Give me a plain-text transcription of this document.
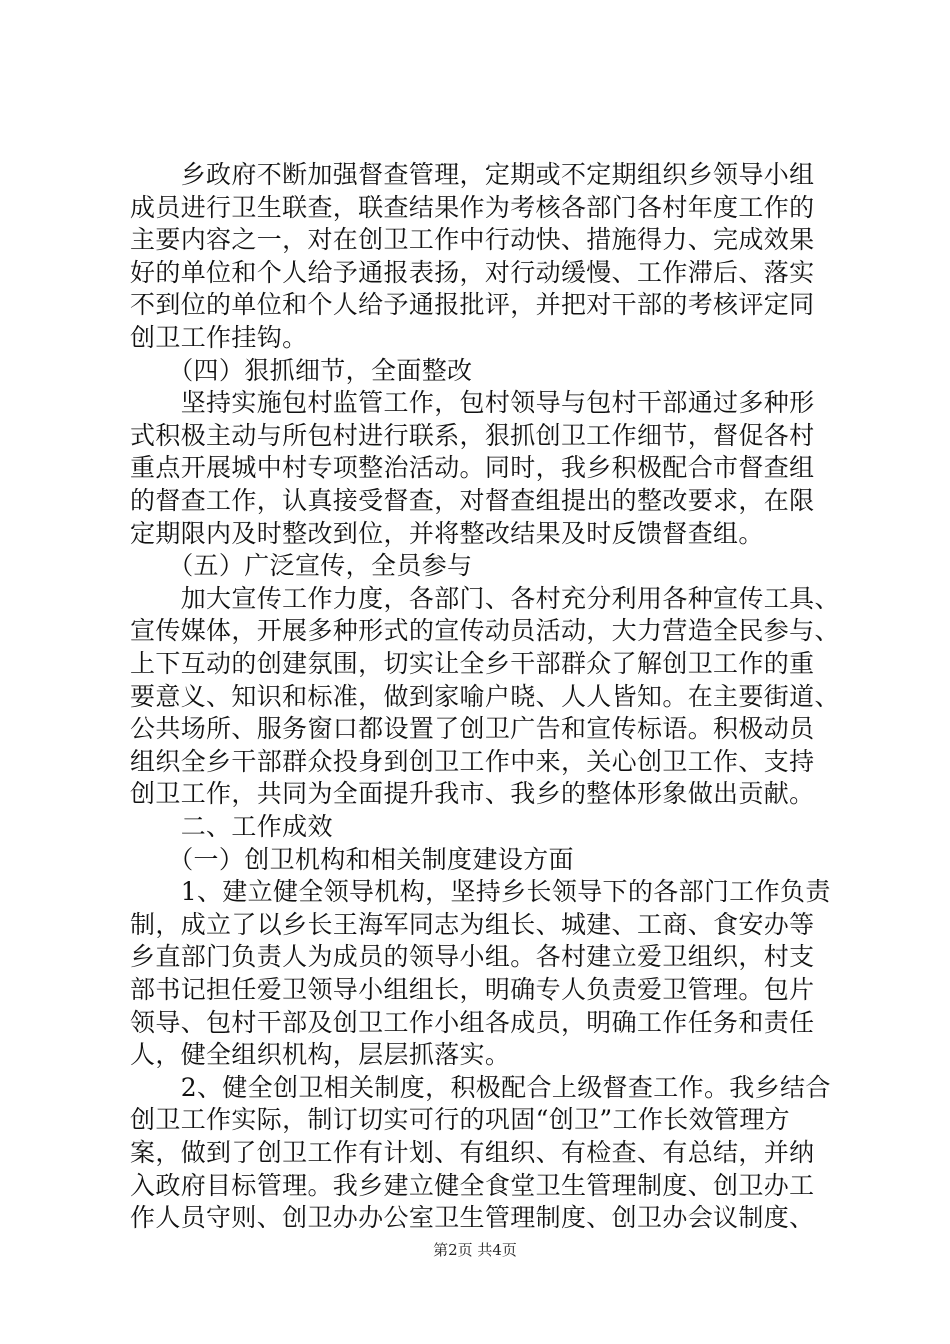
　　乡政府不断加强督查管理，定期或不定期组织乡领导小组
成员进行卫生联查，联查结果作为考核各部门各村年度工作的
主要内容之一，对在创卫工作中行动快、措施得力、完成效果
好的单位和个人给予通报表扬，对行动缓慢、工作滞后、落实
不到位的单位和个人给予通报批评，并把对干部的考核评定同
创卫工作挂钩。
　　（四）狠抓细节，全面整改
　　坚持实施包村监管工作，包村领导与包村干部通过多种形
式积极主动与所包村进行联系，狠抓创卫工作细节，督促各村
重点开展城中村专项整治活动。同时，我乡积极配合市督查组
的督查工作，认真接受督查，对督查组提出的整改要求，在限
定期限内及时整改到位，并将整改结果及时反馈督查组。
　　（五）广泛宣传，全员参与
　　加大宣传工作力度，各部门、各村充分利用各种宣传工具、
宣传媒体，开展多种形式的宣传动员活动，大力营造全民参与、
上下互动的创建氛围，切实让全乡干部群众了解创卫工作的重
要意义、知识和标准，做到家喻户晓、人人皆知。在主要街道、
公共场所、服务窗口都设置了创卫广告和宣传标语。积极动员
组织全乡干部群众投身到创卫工作中来，关心创卫工作、支持
创卫工作，共同为全面提升我市、我乡的整体形象做出贡献。
　　二、工作成效
　　（一）创卫机构和相关制度建设方面
　　1、建立健全领导机构，坚持乡长领导下的各部门工作负责
制，成立了以乡长王海军同志为组长、城建、工商、食安办等
乡直部门负责人为成员的领导小组。各村建立爱卫组织，村支
部书记担任爱卫领导小组组长，明确专人负责爱卫管理。包片
领导、包村干部及创卫工作小组各成员，明确工作任务和责任
人，健全组织机构，层层抓落实。
　　2、健全创卫相关制度，积极配合上级督查工作。我乡结合
创卫工作实际，制订切实可行的巩固“创卫”工作长效管理方
案，做到了创卫工作有计划、有组织、有检查、有总结，并纳
入政府目标管理。我乡建立健全食堂卫生管理制度、创卫办工
作人员守则、创卫办办公室卫生管理制度、创卫办会议制度、
第2页 共4页
